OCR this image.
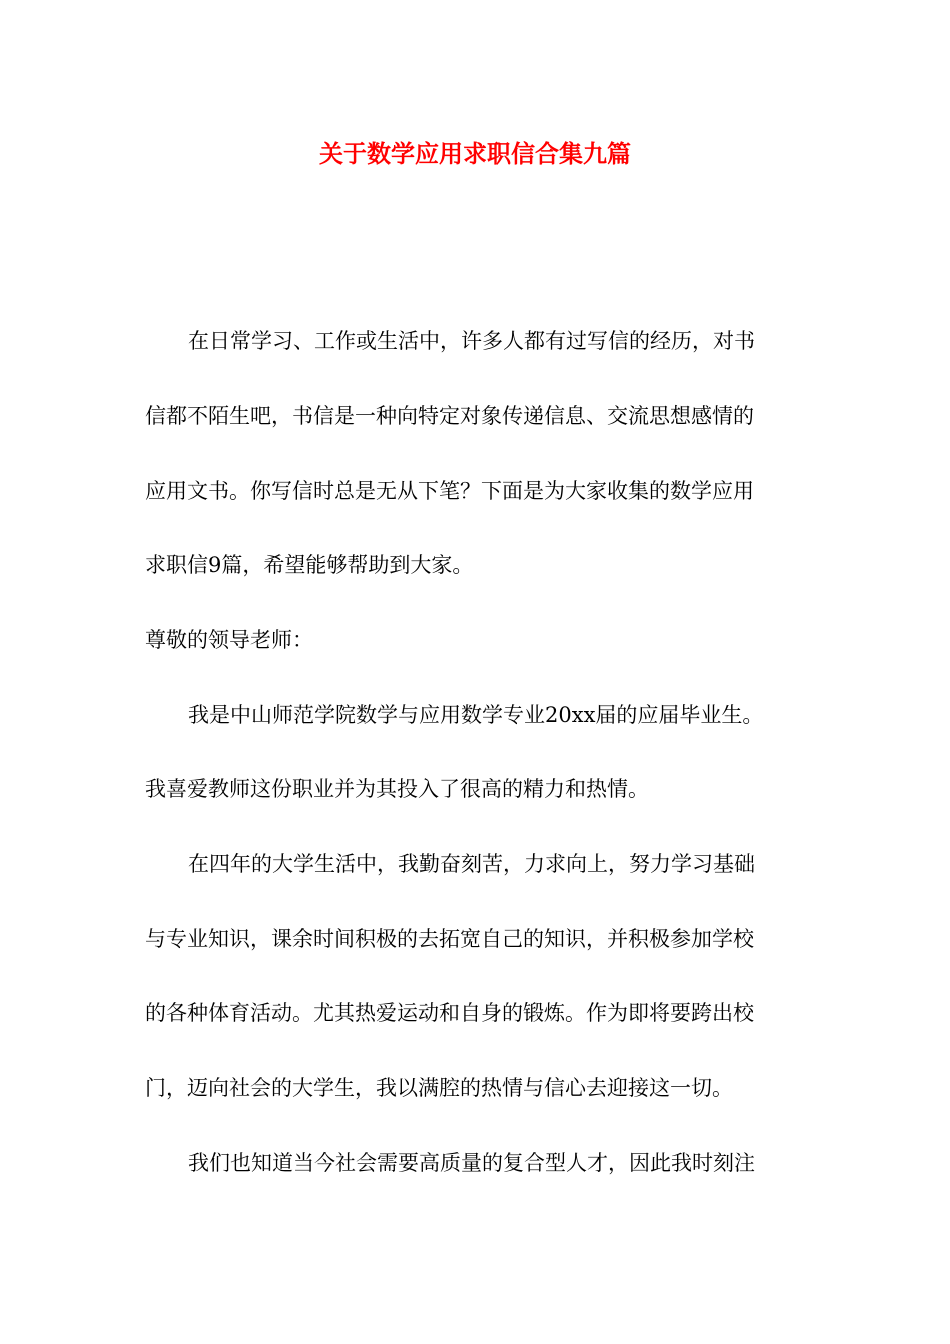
关于数学应用求职信合集九篇

在日常学习、工作或生活中，许多人都有过写信的经历，对书

信都不陌生吧，书信是一种向特定对象传递信息、交流思想感情的

应用文书。你写信时总是无从下笔？下面是为大家收集的数学应用

求职信9篇，希望能够帮助到大家。

尊敬的领导老师：

我是中山师范学院数学与应用数学专业20xx届的应届毕业生。

我喜爱教师这份职业并为其投入了很高的精力和热情。

在四年的大学生活中，我勤奋刻苦，力求向上，努力学习基础

与专业知识，课余时间积极的去拓宽自己的知识，并积极参加学校

的各种体育活动。尤其热爱运动和自身的锻炼。作为即将要跨出校

门，迈向社会的大学生，我以满腔的热情与信心去迎接这一切。

我们也知道当今社会需要高质量的复合型人才，因此我时刻注
